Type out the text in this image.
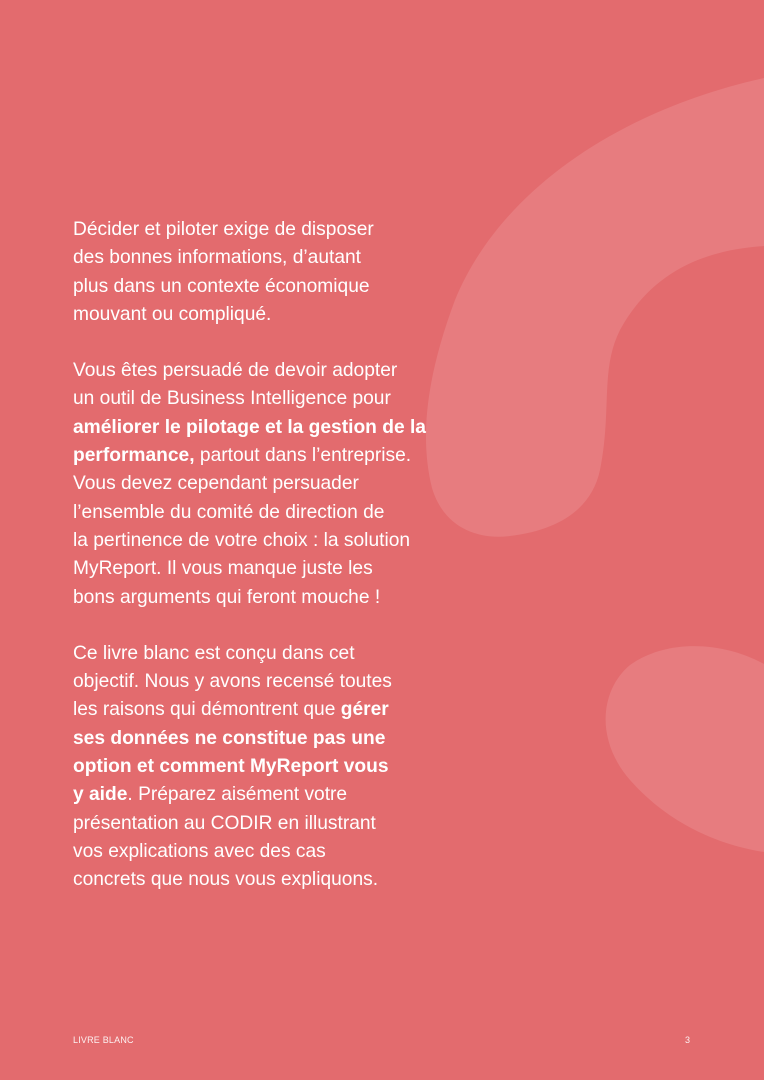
Décider et piloter exige de disposer
des bonnes informations, d’autant
plus dans un contexte économique
mouvant ou compliqué.

Vous êtes persuadé de devoir adopter
un outil de Business Intelligence pour
améliorer le pilotage et la gestion de la
performance, partout dans l’entreprise.
Vous devez cependant persuader
l’ensemble du comité de direction de
la pertinence de votre choix : la solution
MyReport. Il vous manque juste les
bons arguments qui feront mouche !

Ce livre blanc est conçu dans cet
objectif. Nous y avons recensé toutes
les raisons qui démontrent que gérer
ses données ne constitue pas une
option et comment MyReport vous
y aide. Préparez aisément votre
présentation au CODIR en illustrant
vos explications avec des cas
concrets que nous vous expliquons.

LIVRE BLANC	3
